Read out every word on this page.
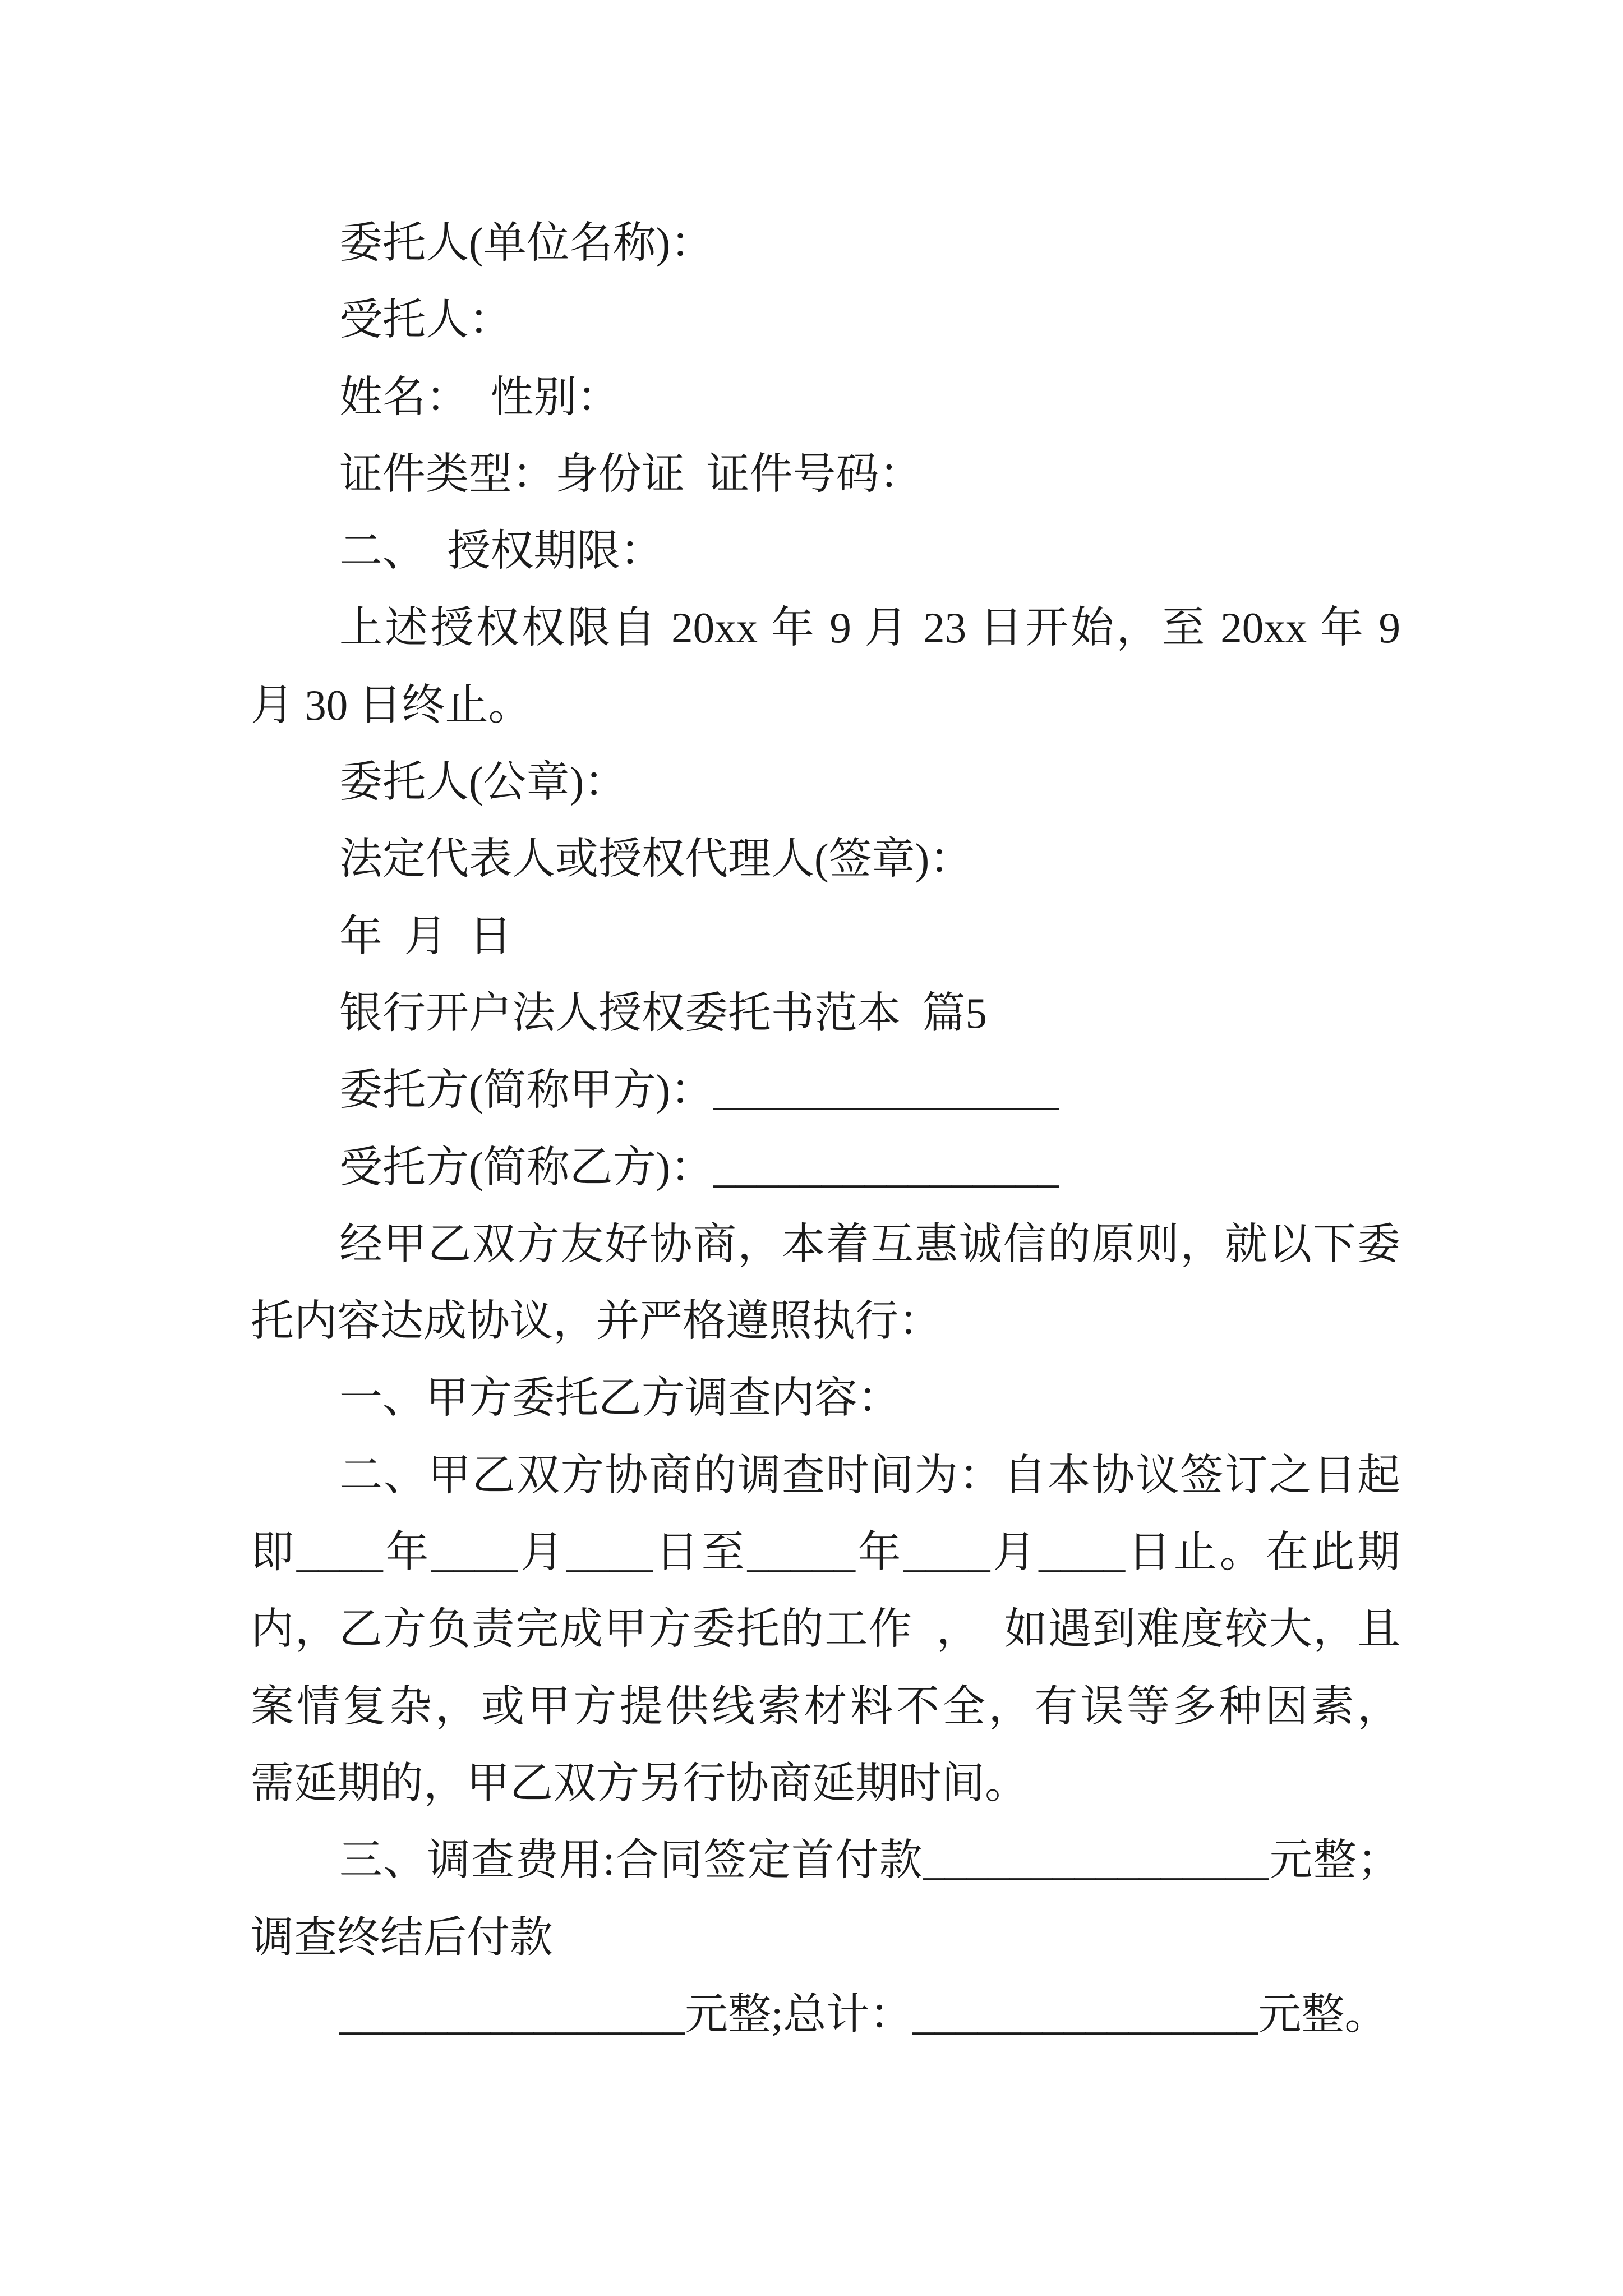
委托人(单位名称)：
受托人：
姓名：  性别：
证件类型：身份证  证件号码：
二、  授权期限：
上述授权权限自 20xx 年 9 月 23 日开始，至 20xx 年 9
月 30 日终止。
委托人(公章)：
法定代表人或授权代理人(签章)：
年  月  日
银行开户法人授权委托书范本  篇5
委托方(简称甲方)：________________
受托方(简称乙方)：________________
经甲乙双方友好协商，本着互惠诚信的原则，就以下委
托内容达成协议，并严格遵照执行：
一、甲方委托乙方调查内容：
二、甲乙双方协商的调查时间为：自本协议签订之日起
即____年____月____日至_____年____月____日止。在此期
内，乙方负责完成甲方委托的工作  ，  如遇到难度较大，且
案情复杂，或甲方提供线索材料不全，有误等多种因素，
需延期的，甲乙双方另行协商延期时间。
三、调查费用:合同签定首付款________________元整；
调查终结后付款
________________元整;总计：________________元整。
